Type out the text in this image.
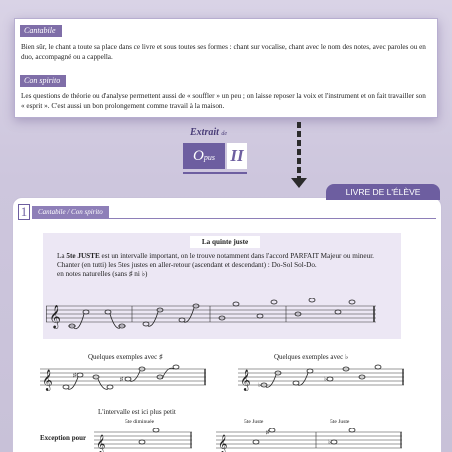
Cantabile

Bien sûr, le chant a toute sa place dans ce livre et sous toutes ses formes : chant sur vocalise, chant avec le nom des notes, avec paroles ou en duo, accompagné ou a cappella.

Con spirito

Les questions de théorie ou d'analyse permettent aussi de « souffler » un peu ; on laisse reposer la voix et l'instrument et on fait travailler son « esprit ». C'est aussi un bon prolongement comme travail à la maison.

Extrait de
Opus II
LIVRE DE L'ÉLÈVE
1	Cantabile / Con spirito
La quinte juste
La 5te JUSTE est un intervalle important, on le trouve notamment dans l'accord PARFAIT Majeur ou mineur.
Chanter (en tutti) les 5tes justes en aller-retour (ascendant et descendant) : Do-Sol Sol-Do.
en notes naturelles (sans ♯ ni ♭)
𝄞
Quelques exemples avec ♯	Quelques exemples avec ♭
𝄞	♯
♯	𝄞 ♭
♭
L'intervalle est ici plus petit
5te diminuée	5te Juste	5te Juste
Exception pour 𝄞	𝄞
♯
♭
